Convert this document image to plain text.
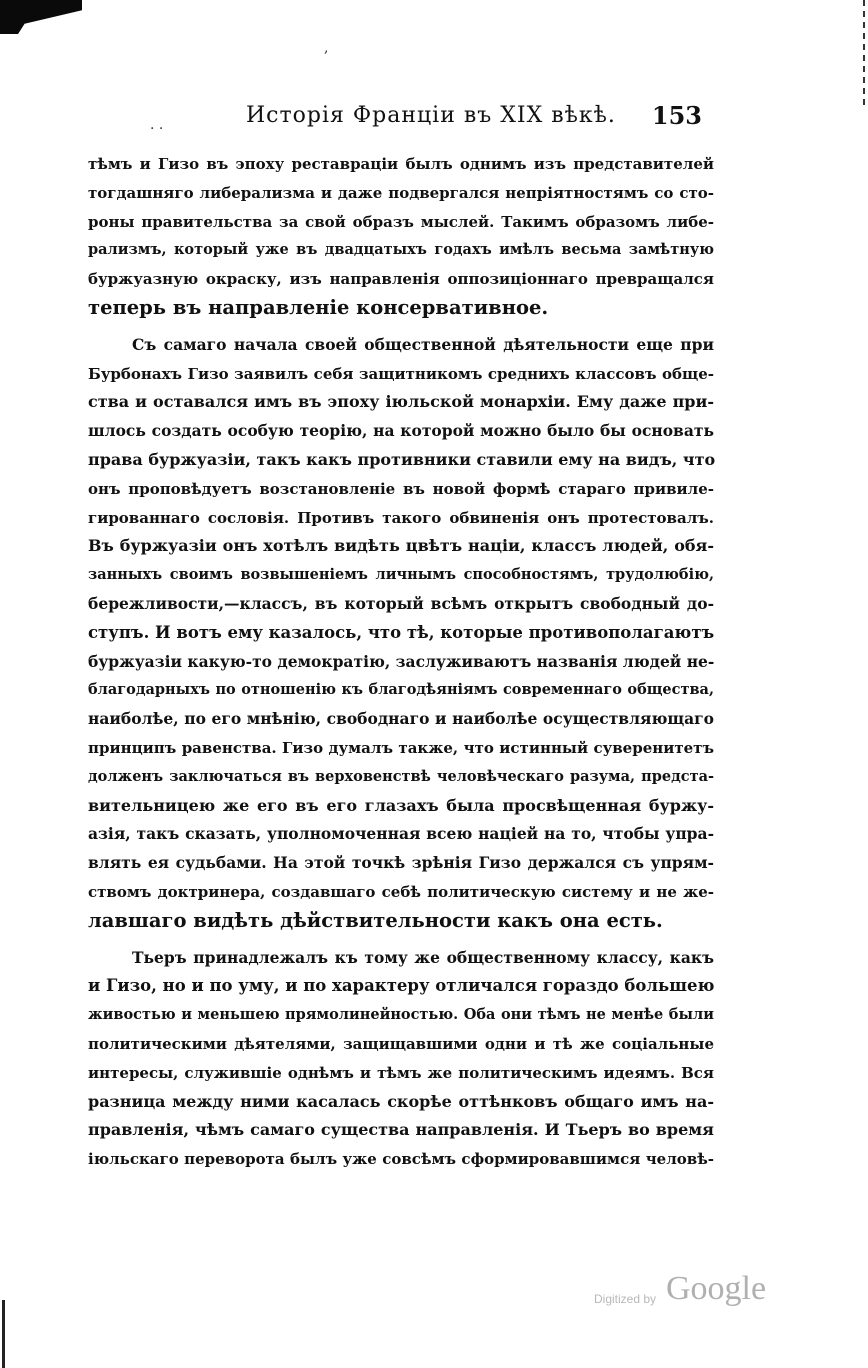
,
· ·
Исторія Франціи въ XIX вѣкѣ. 153
тѣмъ и Гизо въ эпоху реставрацiи былъ однимъ изъ представителей
тогдашняго либерализма и даже подвергался непріятностямъ со сто-
роны правительства за свой образъ мыслей. Такимъ образомъ либе-
рализмъ, который уже въ двадцатыхъ годахъ имѣлъ весьма замѣтную
буржуазную окраску, изъ направленія оппозиціоннаго превращался
теперь въ направленіе консервативное.
Съ самаго начала своей общественной дѣятельности еще при
Бурбонахъ Гизо заявилъ себя защитникомъ среднихъ классовъ обще-
ства и оставался имъ въ эпоху іюльской монархіи. Ему даже при-
шлось создать особую теорію, на которой можно было бы основать
права буржуазіи, такъ какъ противники ставили ему на видъ, что
онъ проповѣдуетъ возстановленіе въ новой формѣ стараго привиле-
гированнаго сословія. Противъ такого обвиненія онъ протестовалъ.
Въ буржуазіи онъ хотѣлъ видѣть цвѣтъ націи, классъ людей, обя-
занныхъ своимъ возвышеніемъ личнымъ способностямъ, трудолюбію,
бережливости,—классъ, въ который всѣмъ открытъ свободный до-
ступъ. И вотъ ему казалось, что тѣ, которые противополагаютъ
буржуазіи какую-то демократію, заслуживаютъ названія людей не-
благодарныхъ по отношенію къ благодѣяніямъ современнаго общества,
наиболѣе, по его мнѣнію, свободнаго и наиболѣе осуществляющаго
принципъ равенства. Гизо думалъ также, что истинный суверенитетъ
долженъ заключаться въ верховенствѣ человѣческаго разума, предста-
вительницею же его въ его глазахъ была просвѣщенная буржу-
азія, такъ сказать, уполномоченная всею націей на то, чтобы упра-
влять ея судьбами. На этой точкѣ зрѣнія Гизо держался съ упрям-
ствомъ доктринера, создавшаго себѣ политическую систему и не же-
лавшаго видѣть дѣйствительности какъ она есть.
Тьеръ принадлежалъ къ тому же общественному классу, какъ
и Гизо, но и по уму, и по характеру отличался гораздо большею
живостью и меньшею прямолинейностью. Оба они тѣмъ не менѣе были
политическими дѣятелями, защищавшими одни и тѣ же соціальные
интересы, служившіе однѣмъ и тѣмъ же политическимъ идеямъ. Вся
разница между ними касалась скорѣе оттѣнковъ общаго имъ на-
правленія, чѣмъ самаго существа направленія. И Тьеръ во время
іюльскаго переворота былъ уже совсѣмъ сформировавшимся человѣ-
Digitized by Google
